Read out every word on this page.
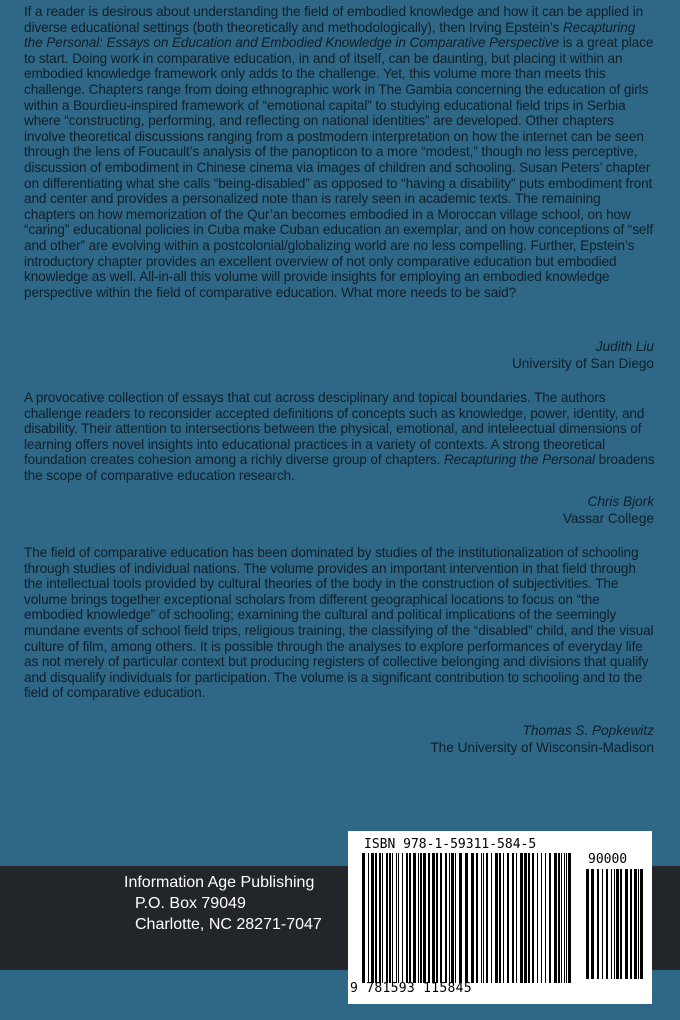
If a reader is desirous about understanding the field of embodied knowledge and how it can be applied in diverse educational settings (both theoretically and methodologically), then Irving Epstein’s Recapturing the Personal: Essays on Education and Embodied Knowledge in Comparative Perspective is a great place to start. Doing work in comparative education, in and of itself, can be daunting, but placing it within an embodied knowledge framework only adds to the challenge. Yet, this volume more than meets this challenge. Chapters range from doing ethnographic work in The Gambia concerning the education of girls within a Bourdieu-inspired framework of “emotional capital” to studying educational field trips in Serbia where “constructing, performing, and reflecting on national identities” are developed. Other chapters involve theoretical discussions ranging from a postmodern interpretation on how the internet can be seen through the lens of Foucault’s analysis of the panopticon to a more “modest,” though no less perceptive, discussion of embodiment in Chinese cinema via images of children and schooling. Susan Peters’ chapter on differentiating what she calls “being-disabled” as opposed to “having a disability” puts embodiment front and center and provides a personalized note than is rarely seen in academic texts. The remaining chapters on how memorization of the Qur’an becomes embodied in a Moroccan village school, on how “caring” educational policies in Cuba make Cuban education an exemplar, and on how conceptions of “self and other” are evolving within a postcolonial/globalizing world are no less compelling. Further, Epstein’s introductory chapter provides an excellent overview of not only comparative education but embodied knowledge as well. All-in-all this volume will provide insights for employing an embodied knowledge perspective within the field of comparative education. What more needs to be said?

Judith Liu
University of San Diego

A provocative collection of essays that cut across desciplinary and topical boundaries. The authors challenge readers to reconsider accepted definitions of concepts such as knowledge, power, identity, and disability. Their attention to intersections between the physical, emotional, and inteleectual dimensions of learning offers novel insights into educational practices in a variety of contexts. A strong theoretical foundation creates cohesion among a richly diverse group of chapters. Recapturing the Personal broadens the scope of comparative education research.

Chris Bjork
Vassar College

The field of comparative education has been dominated by studies of the institutionalization of schooling through studies of individual nations. The volume provides an important intervention in that field through the intellectual tools provided by cultural theories of the body in the construction of subjectivities. The volume brings together exceptional scholars from different geographical locations to focus on “the embodied knowledge” of schooling; examining the cultural and political implications of the seemingly mundane events of school field trips, religious training, the classifying of the “disabled” child, and the visual culture of film, among others. It is possible through the analyses to explore performances of everyday life as not merely of particular context but producing registers of collective belonging and divisions that qualify and disqualify individuals for participation. The volume is a significant contribution to schooling and to the field of comparative education.

Thomas S. Popkewitz
The University of Wisconsin-Madison
Information Age Publishing
P.O. Box 79049
Charlotte, NC 28271-7047
ISBN 978-1-59311-584-5
90000
9 781593 115845
